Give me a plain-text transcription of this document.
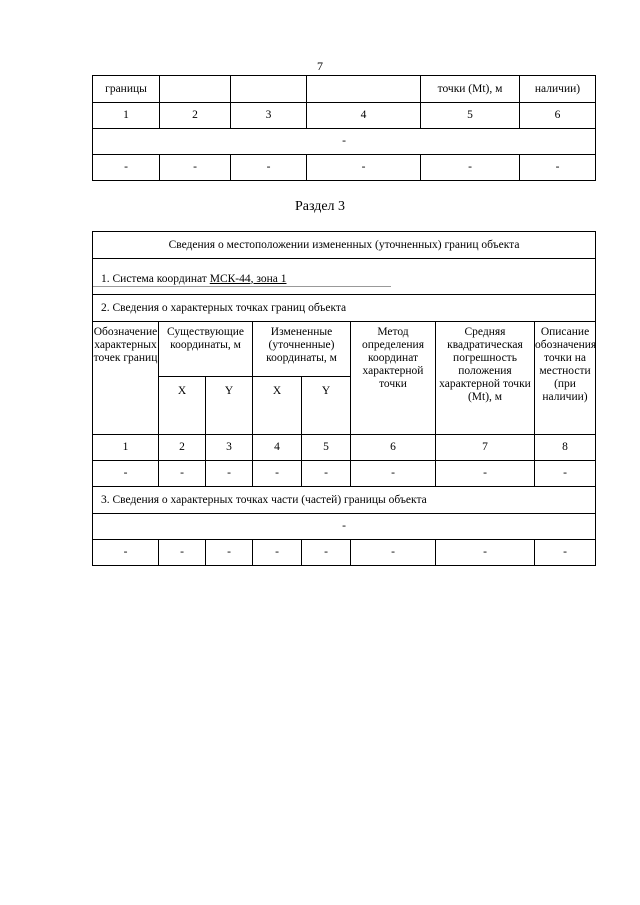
7
границы				точки (Mt), м	наличии)
1	2	3	4	5	6
-					
-	-	-	-	-	-
Раздел 3
Сведения о местоположении измененных (уточненных) границ объекта							

1. Система координат МСК-44, зона 1							

2. Сведения о характерных точках границ объекта							
Обозначение характерных точек границ	Существующие координаты, м		Измененные (уточненные) координаты, м		Метод определения координат характерной точки	Средняя квадратическая погрешность положения характерной точки (Mt), м	Описание обозначения точки на местности (при наличии)
	X	Y	X	Y			
1	2	3	4	5	6	7	8
-	-	-	-	-	-	-	-
3. Сведения о характерных точках части (частей) границы объекта							
-							
-	-	-	-	-	-	-	-
